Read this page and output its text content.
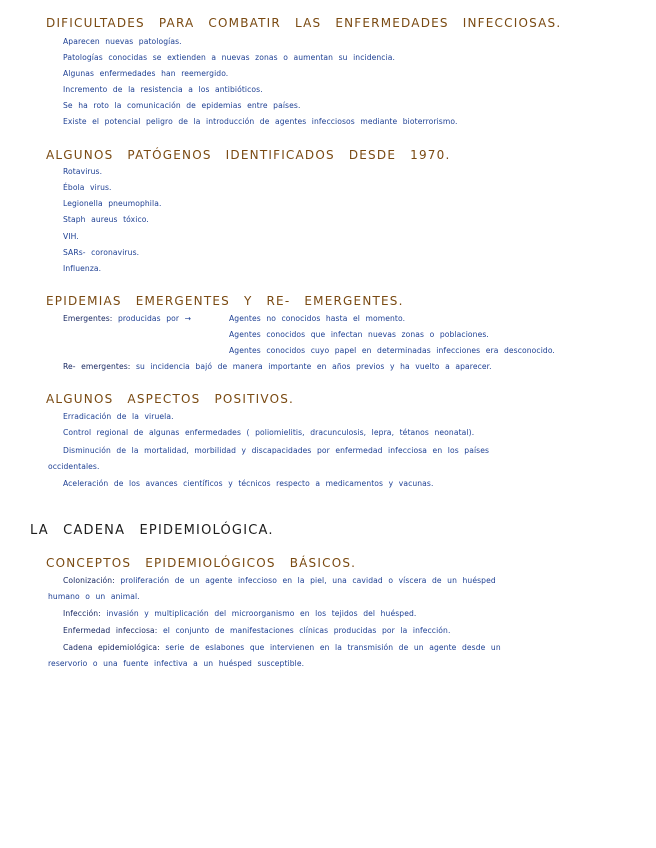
DIFICULTADES PARA COMBATIR LAS ENFERMEDADES INFECCIOSAS.
Aparecen nuevas patologías.
Patologías conocidas se extienden a nuevas zonas o aumentan su incidencia.
Algunas enfermedades han reemergido.
Incremento de la resistencia a los antibióticos.
Se ha roto la comunicación de epidemias entre países.
Existe el potencial peligro de la introducción de agentes infecciosos mediante bioterrorismo.
ALGUNOS PATÓGENOS IDENTIFICADOS DESDE 1970.
Rotavirus.
Ébola virus.
Legionella pneumophila.
Staph aureus tóxico.
VIH.
SARs- coronavirus.
Influenza.
EPIDEMIAS EMERGENTES Y RE- EMERGENTES.
Emergentes: producidas por →	Agentes no conocidos hasta el momento.
Agentes conocidos que infectan nuevas zonas o poblaciones.
Agentes conocidos cuyo papel en determinadas infecciones era desconocido.
Re- emergentes: su incidencia bajó de manera importante en años previos y ha vuelto a aparecer.
ALGUNOS ASPECTOS POSITIVOS.
Erradicación de la viruela.
Control regional de algunas enfermedades ( poliomielitis, dracunculosis, lepra, tétanos neonatal).
Disminución de la mortalidad, morbilidad y discapacidades por enfermedad infecciosa en los países
occidentales.
Aceleración de los avances científicos y técnicos respecto a medicamentos y vacunas.
LA CADENA EPIDEMIOLÓGICA.
CONCEPTOS EPIDEMIOLÓGICOS BÁSICOS.
Colonización: proliferación de un agente infeccioso en la piel, una cavidad o víscera de un huésped
humano o un animal.
Infección: invasión y multiplicación del microorganismo en los tejidos del huésped.
Enfermedad infecciosa: el conjunto de manifestaciones clínicas producidas por la infección.
Cadena epidemiológica: serie de eslabones que intervienen en la transmisión de un agente desde un
reservorio o una fuente infectiva a un huésped susceptible.
